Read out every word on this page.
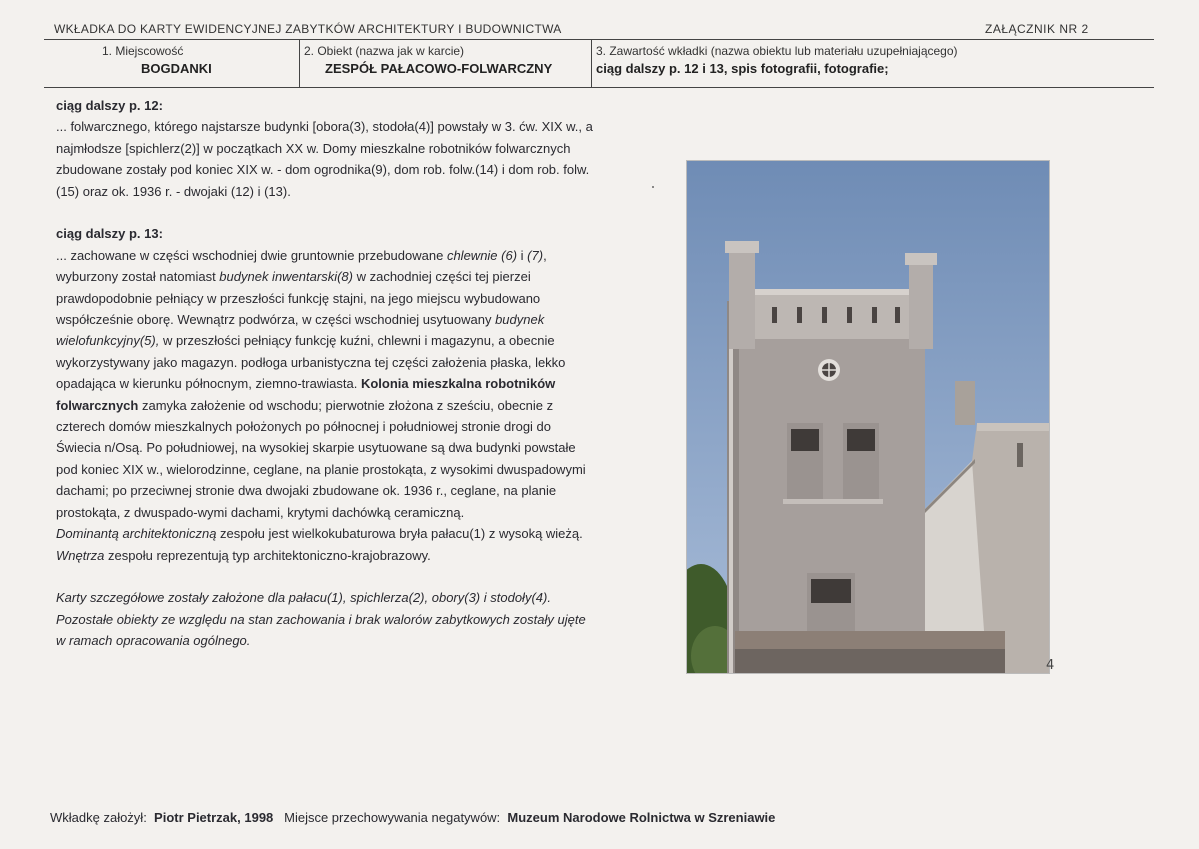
WKŁADKA DO KARTY EWIDENCYJNEJ ZABYTKÓW ARCHITEKTURY I BUDOWNICTWA	ZAŁĄCZNIK NR 2
1. Miejscowość
BOGDANKI
2. Obiekt (nazwa jak w karcie)
ZESPÓŁ PAŁACOWO-FOLWARCZNY
3. Zawartość wkładki (nazwa obiektu lub materiału uzupełniającego)
ciąg dalszy p. 12 i 13, spis fotografii, fotografie;

ciąg dalszy p. 12:

... folwarcznego, którego najstarsze budynki [obora(3), stodoła(4)] powstały w 3. ćw. XIX w., a najmłodsze [spichlerz(2)] w początkach XX w. Domy mieszkalne robotników folwarcznych zbudowane zostały pod koniec XIX w. - dom ogrodnika(9), dom rob. folw.(14) i dom rob. folw.(15) oraz ok. 1936 r. - dwojaki (12) i (13).

ciąg dalszy p. 13:

... zachowane w części wschodniej dwie gruntownie przebudowane chlewnie (6) i (7), wyburzony został natomiast budynek inwentarski(8) w zachodniej części tej pierzei prawdopodobnie pełniący w przeszłości funkcję stajni, na jego miejscu wybudowano współcześnie oborę. Wewnątrz podwórza, w części wschodniej usytuowany budynek wielofunkcyjny(5), w przeszłości pełniący funkcję kuźni, chlewni i magazynu, a obecnie wykorzystywany jako magazyn. podłoga urbanistyczna tej części założenia płaska, lekko opadająca w kierunku północnym, ziemno-trawiasta. Kolonia mieszkalna robotników folwarcznych zamyka założenie od wschodu; pierwotnie złożona z sześciu, obecnie z czterech domów mieszkalnych położonych po północnej i południowej stronie drogi do Świecia n/Osą. Po południowej, na wysokiej skarpie usytuowane są dwa budynki powstałe pod koniec XIX w., wielorodzinne, ceglane, na planie prostokąta, z wysokimi dwuspadowymi dachami; po przeciwnej stronie dwa dwojaki zbudowane ok. 1936 r., ceglane, na planie prostokąta, z dwuspado-wymi dachami, krytymi dachówką ceramiczną.
Dominantą architektoniczną zespołu jest wielkokubaturowa bryła pałacu(1) z wysoką wieżą. Wnętrza zespołu reprezentują typ architektoniczno-krajobrazowy.

Karty szczegółowe zostały założone dla pałacu(1), spichlerza(2), obory(3) i stodoły(4). Pozostałe obiekty ze względu na stan zachowania i brak walorów zabytkowych zostały ujęte w ramach opracowania ogólnego.

4
Wkładkę założył: Piotr Pietrzak, 1998 Miejsce przechowywania negatywów: Muzeum Narodowe Rolnictwa w Szreniawie
